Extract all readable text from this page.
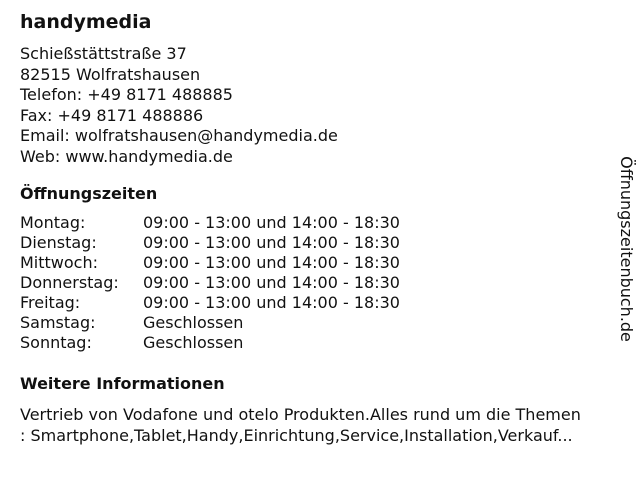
handymedia
Schießstättstraße 37
82515 Wolfratshausen
Telefon: +49 8171 488885
Fax: +49 8171 488886
Email: wolfratshausen@handymedia.de
Web: www.handymedia.de
Öffnungszeiten
Montag:	09:00 - 13:00 und 14:00 - 18:30
Dienstag:	09:00 - 13:00 und 14:00 - 18:30
Mittwoch:	09:00 - 13:00 und 14:00 - 18:30
Donnerstag:	09:00 - 13:00 und 14:00 - 18:30
Freitag:	09:00 - 13:00 und 14:00 - 18:30
Samstag:	Geschlossen
Sonntag:	Geschlossen
Weitere Informationen
Vertrieb von Vodafone und otelo Produkten.Alles rund um die Themen
: Smartphone,Tablet,Handy,Einrichtung,Service,Installation,Verkauf...
Öffnungszeitenbuch.de
